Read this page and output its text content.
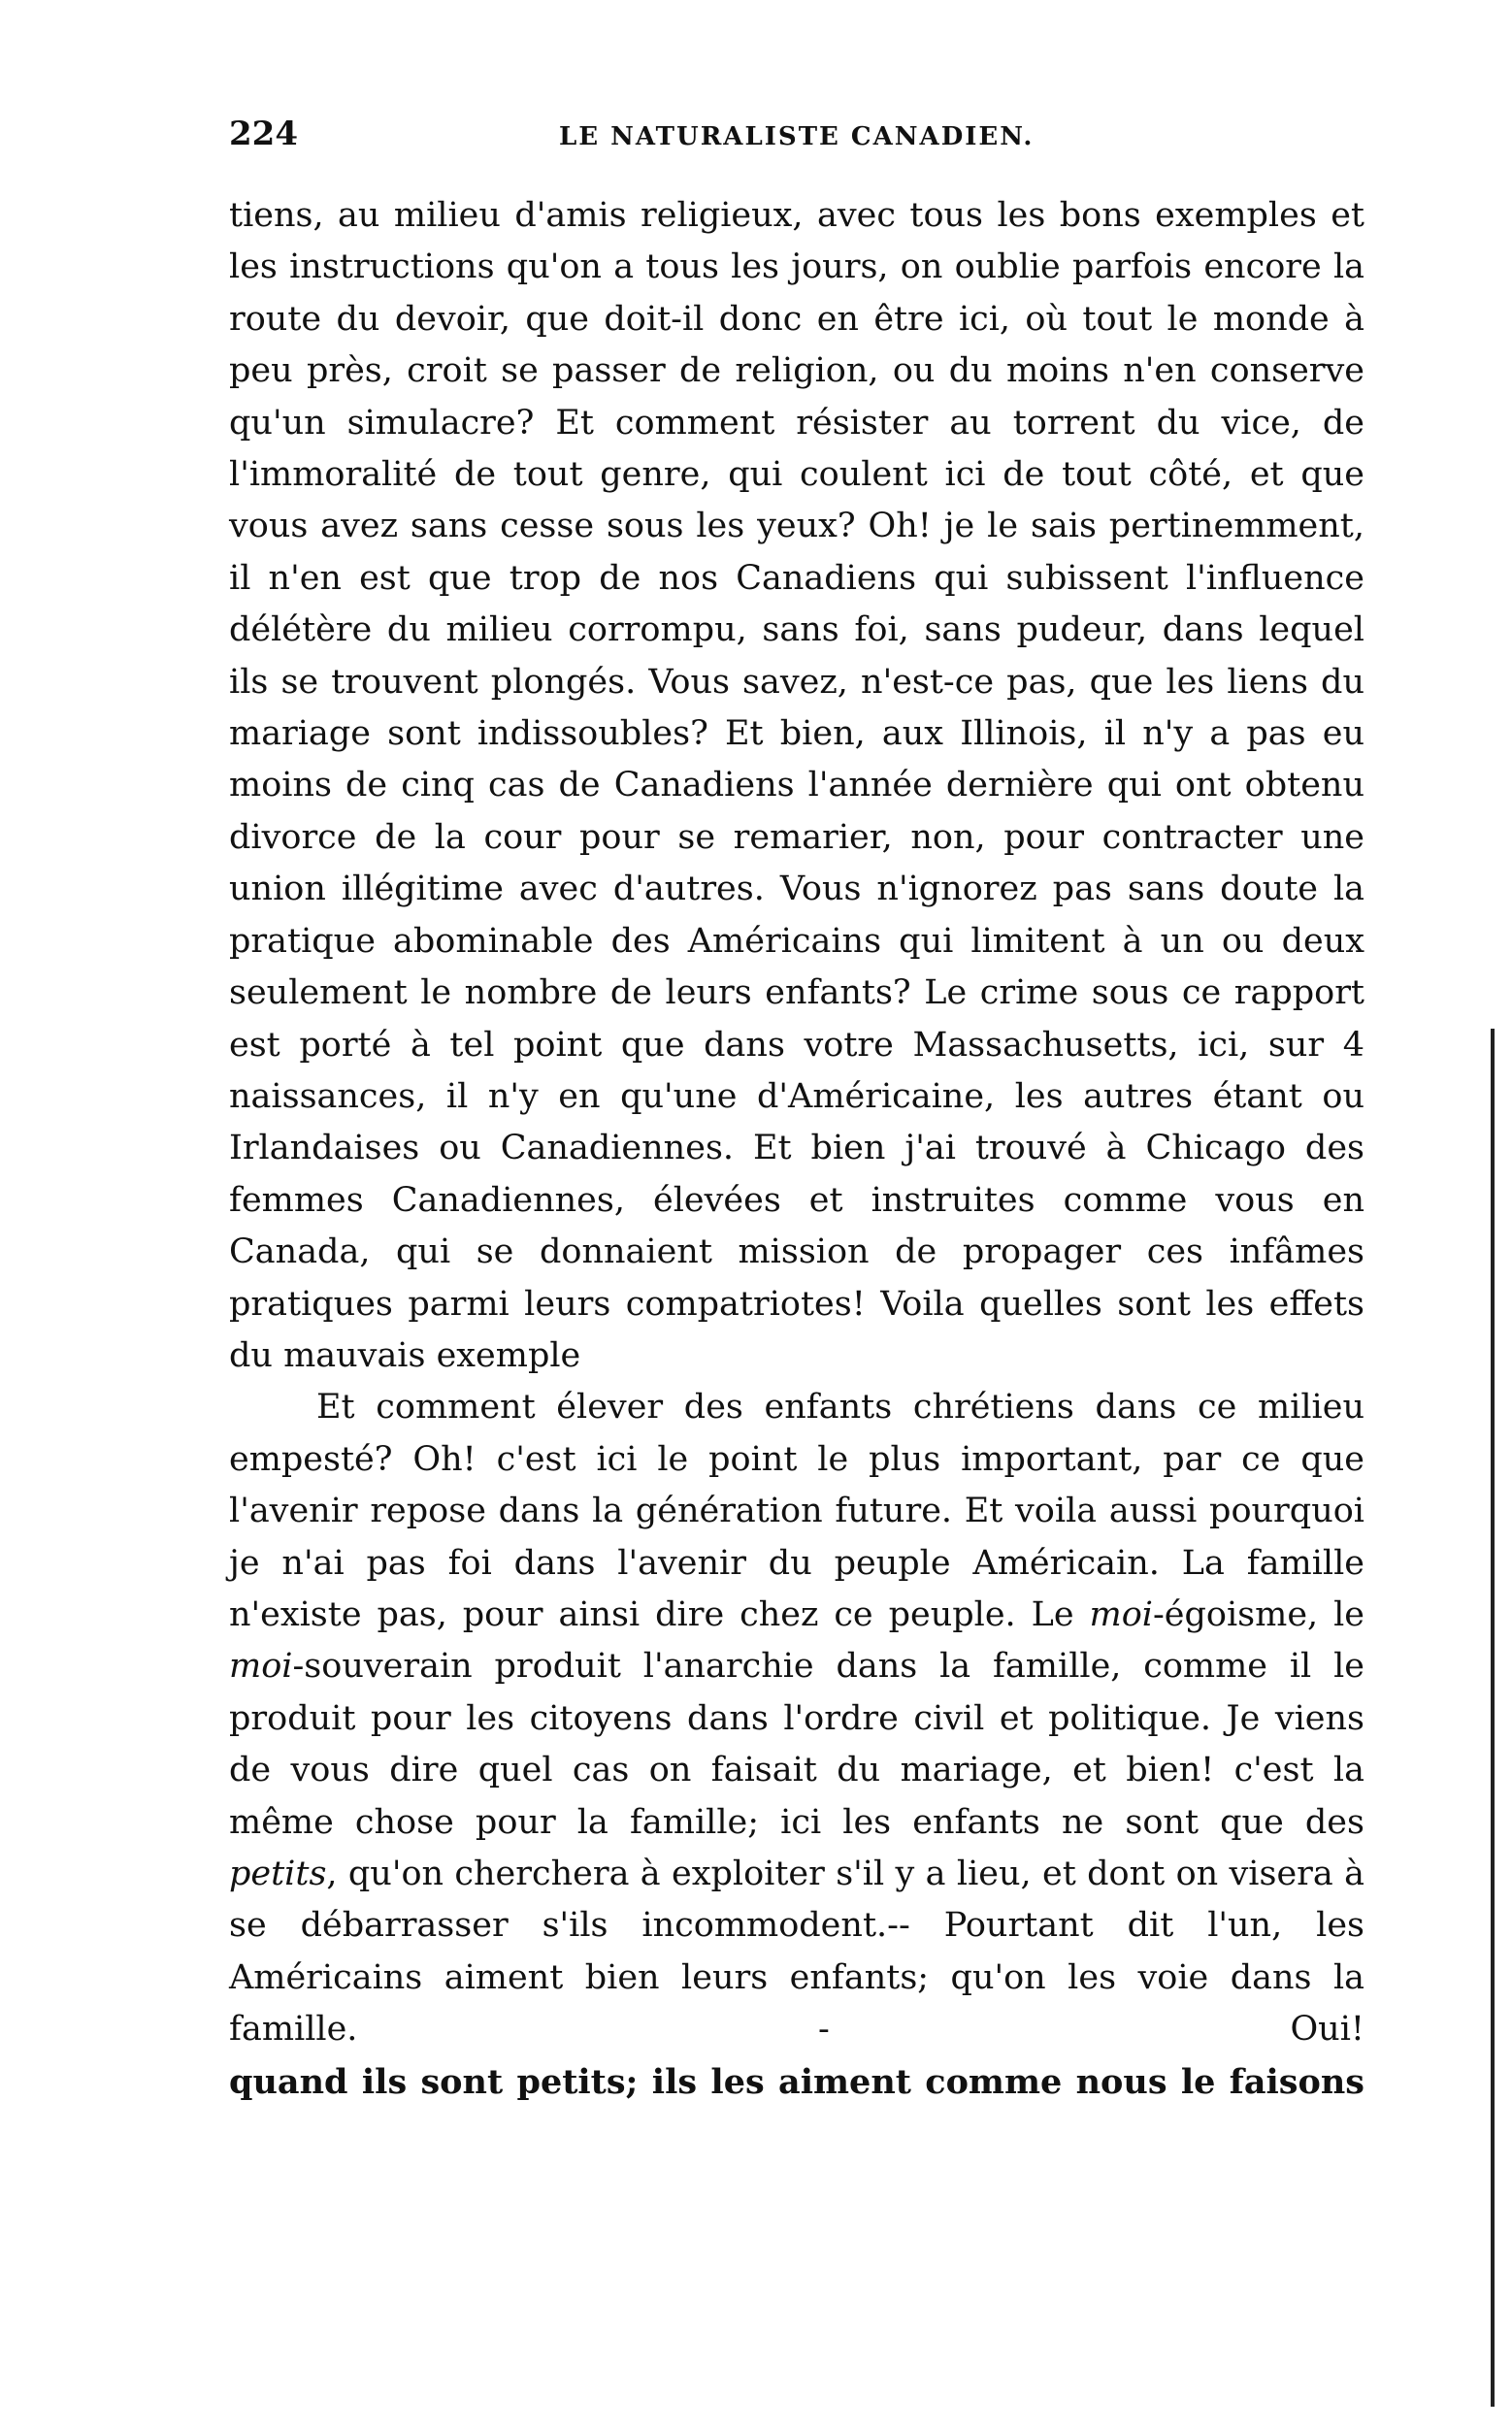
224	LE NATURALISTE CANADIEN.

tiens, au milieu d'amis religieux, avec tous les bons exemples et les instructions qu'on a tous les jours, on oublie parfois encore la route du devoir, que doit-il donc en être ici, où tout le monde à peu près, croit se passer de religion, ou du moins n'en conserve qu'un simulacre? Et comment résister au torrent du vice, de l'immoralité de tout genre, qui coulent ici de tout côté, et que vous avez sans cesse sous les yeux? Oh! je le sais pertinemment, il n'en est que trop de nos Canadiens qui subissent l'influence délétère du milieu corrompu, sans foi, sans pudeur, dans lequel ils se trouvent plongés. Vous savez, n'est-ce pas, que les liens du mariage sont indissoubles? Et bien, aux Illinois, il n'y a pas eu moins de cinq cas de Canadiens l'année dernière qui ont obtenu divorce de la cour pour se remarier, non, pour contracter une union illégitime avec d'autres. Vous n'ignorez pas sans doute la pratique abominable des Américains qui limitent à un ou deux seulement le nombre de leurs enfants? Le crime sous ce rapport est porté à tel point que dans votre Massachusetts, ici, sur 4 naissances, il n'y en qu'une d'Américaine, les autres étant ou Irlandaises ou Canadiennes. Et bien j'ai trouvé à Chicago des femmes Canadiennes, élevées et instruites comme vous en Canada, qui se donnaient mission de propager ces infâmes pratiques parmi leurs compatriotes! Voila quelles sont les effets du mauvais exemple

Et comment élever des enfants chrétiens dans ce milieu empesté? Oh! c'est ici le point le plus important, par ce que l'avenir repose dans la génération future. Et voila aussi pourquoi je n'ai pas foi dans l'avenir du peuple Américain. La famille n'existe pas, pour ainsi dire chez ce peuple. Le moi-égoisme, le moi-souverain produit l'anarchie dans la famille, comme il le produit pour les citoyens dans l'ordre civil et politique. Je viens de vous dire quel cas on faisait du mariage, et bien! c'est la même chose pour la famille; ici les enfants ne sont que des petits, qu'on cherchera à exploiter s'il y a lieu, et dont on visera à se débarrasser s'ils incommodent.-- Pourtant dit l'un, les Américains aiment bien leurs enfants; qu'on les voie dans la famille. - Oui!

quand ils sont petits; ils les aiment comme nous le faisons
